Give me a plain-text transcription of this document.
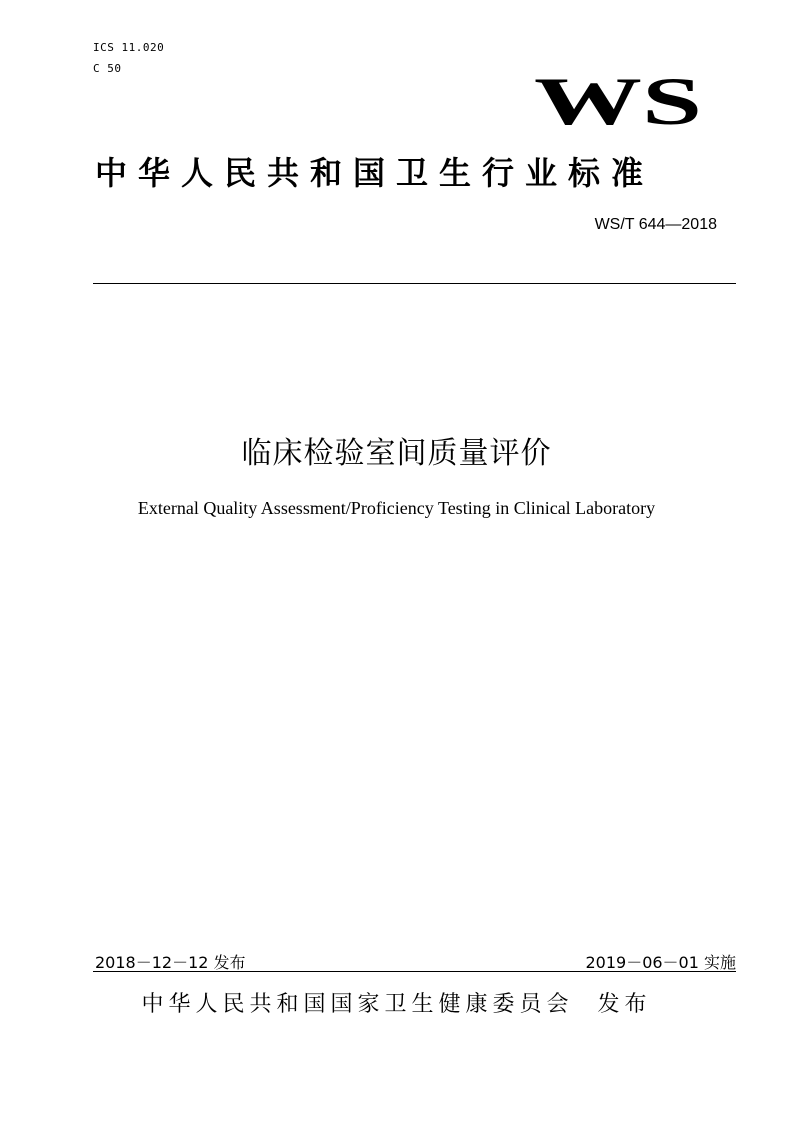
ICS 11.020
C 50	WS
中华人民共和国卫生行业标准
WS/T 644—2018
临床检验室间质量评价
External Quality Assessment/Proficiency Testing in Clinical Laboratory
2018－12－12 发布	2019－06－01 实施
中华人民共和国国家卫生健康委员会  发布
